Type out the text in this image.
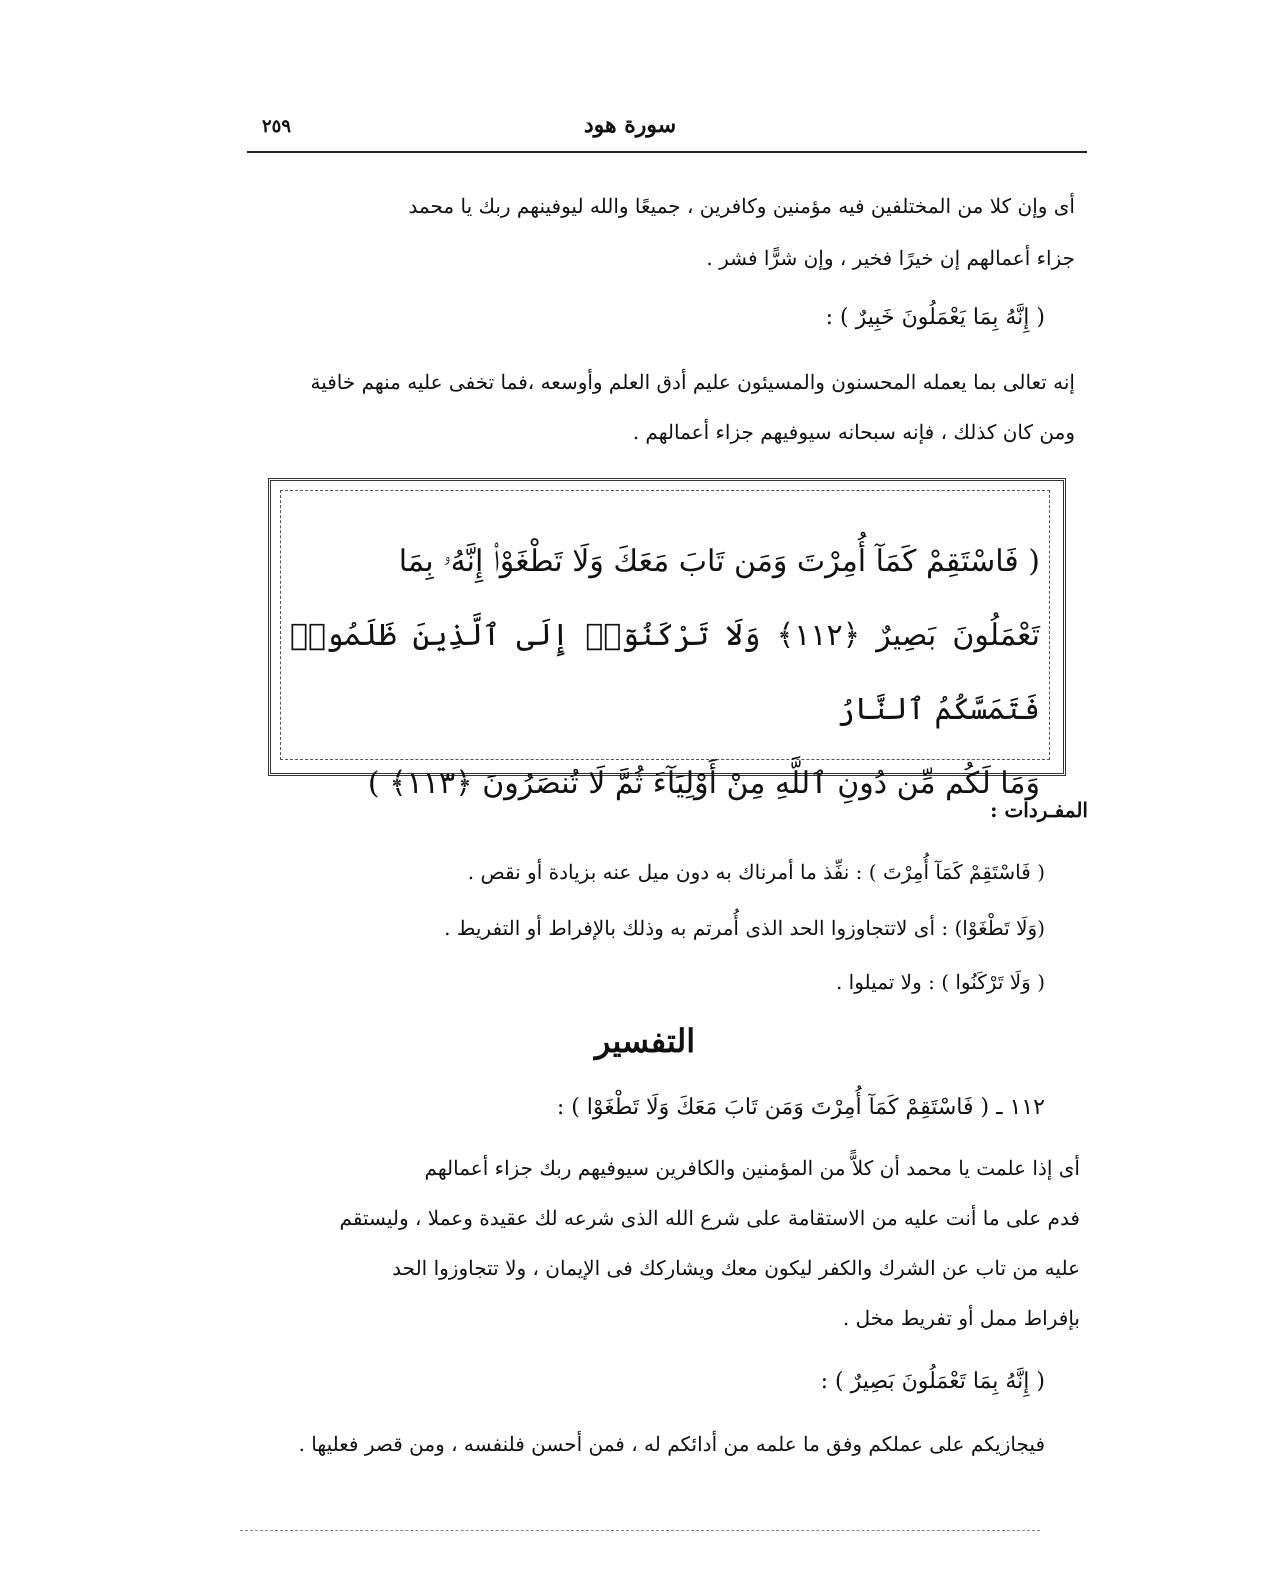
سورة هود
٢٥٩
أى وإن كلا من المختلفين فيه مؤمنين وكافرين ، جميعًا والله ليوفينهم ربك يا محمد
جزاء أعمالهم إن خيرًا فخير ، وإن شرًّا فشر .
( إِنَّهُ بِمَا يَعْمَلُونَ خَبِيرٌ ) :
إنه تعالى بما يعمله المحسنون والمسيئون عليم أدق العلم وأوسعه ،فما تخفى عليه منهم خافية
ومن كان كذلك ، فإنه سبحانه سيوفيهم جزاء أعمالهم .
( فَاسْتَقِمْ كَمَآ أُمِرْتَ وَمَن تَابَ مَعَكَ وَلَا تَطْغَوْا۟ إِنَّهُۥ بِمَا
تَعْمَلُونَ بَصِيرٌ ﴿١١٢﴾ وَلَا تَرْكَنُوٓا۟ إِلَى ٱلَّذِينَ ظَلَمُوا۟ فَتَمَسَّكُمُ ٱلنَّارُ
وَمَا لَكُم مِّن دُونِ ٱللَّهِ مِنْ أَوْلِيَآءَ ثُمَّ لَا تُنصَرُونَ ﴿١١٣﴾ )
المفـردات :
( فَاسْتَقِمْ كَمَآ أُمِرْتَ ) : نفِّذ ما أمرناك به دون ميل عنه بزيادة أو نقص .
(وَلَا تَطْغَوْا) : أى لاتتجاوزوا الحد الذى أُمرتم به وذلك بالإفراط أو التفريط .
( وَلَا تَرْكَنُوا ) : ولا تميلوا .
التفسير
١١٢ ـ ( فَاسْتَقِمْ كَمَآ أُمِرْتَ وَمَن تَابَ مَعَكَ وَلَا تَطْغَوْا ) :
أى إذا علمت يا محمد أن كلاًّ من المؤمنين والكافرين سيوفيهم ربك جزاء أعمالهم
فدم على ما أنت عليه من الاستقامة على شرع الله الذى شرعه لك عقيدة وعملا ، وليستقم
عليه من تاب عن الشرك والكفر ليكون معك ويشاركك فى الإيمان ، ولا تتجاوزوا الحد
بإفراط ممل أو تفريط مخل .
( إِنَّهُ بِمَا تَعْمَلُونَ بَصِيرٌ ) :
فيجازيكم على عملكم وفق ما علمه من أدائكم له ، فمن أحسن فلنفسه ، ومن قصر فعليها .
